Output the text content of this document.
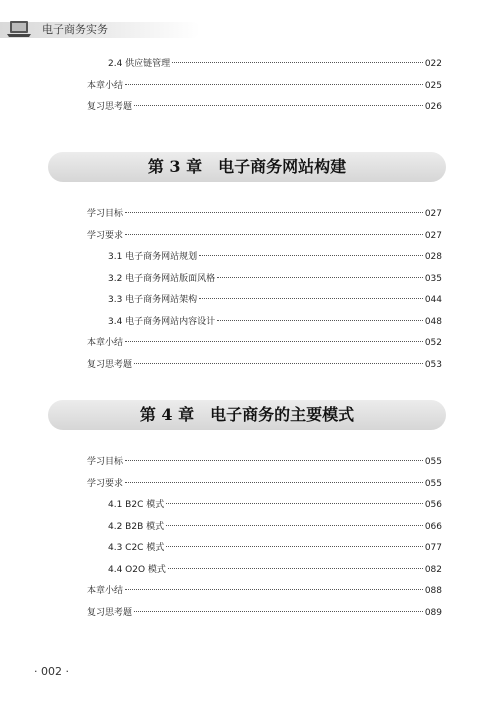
电子商务实务
2.4 供应链管理	022
本章小结	025
复习思考题	026
第 3 章　电子商务网站构建
学习目标	027
学习要求	027
3.1 电子商务网站规划	028
3.2 电子商务网站版面风格	035
3.3 电子商务网站架构	044
3.4 电子商务网站内容设计	048
本章小结	052
复习思考题	053
第 4 章　电子商务的主要模式
学习目标	055
学习要求	055
4.1 B2C 模式	056
4.2 B2B 模式	066
4.3 C2C 模式	077
4.4 O2O 模式	082
本章小结	088
复习思考题	089
· 002 ·
